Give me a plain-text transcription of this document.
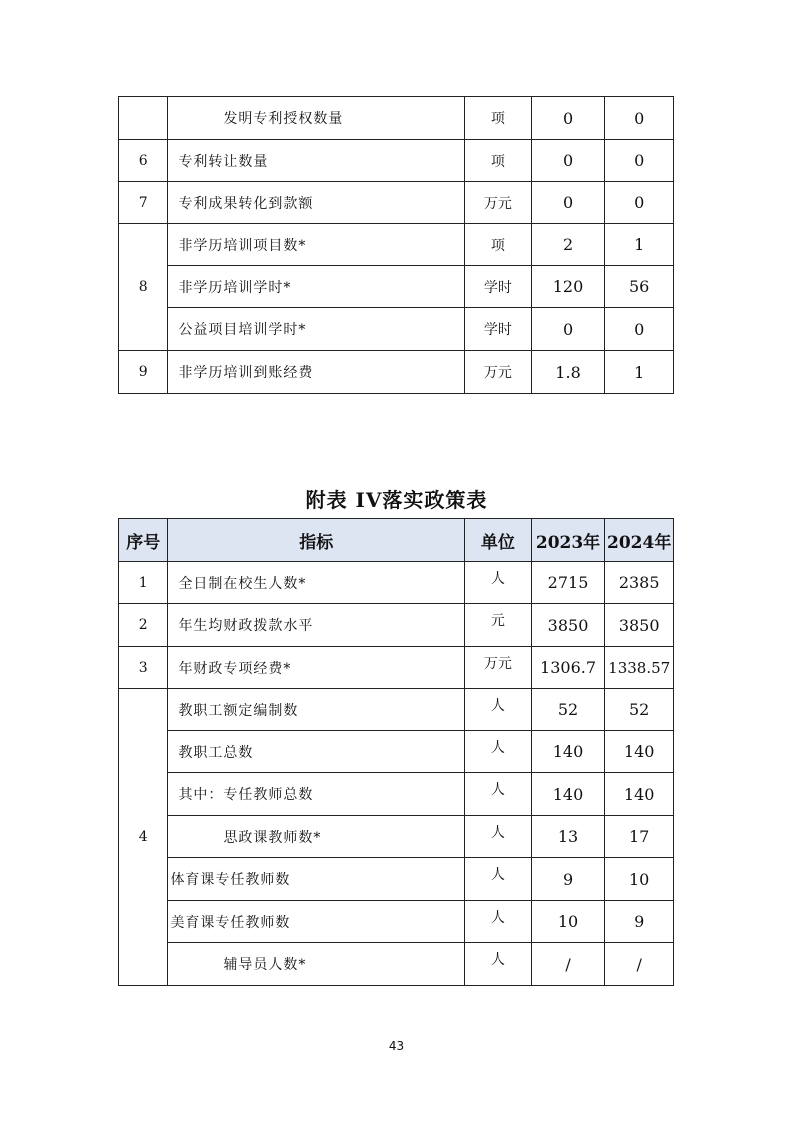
	发明专利授权数量	项	0	0
6	专利转让数量	项	0	0
7	专利成果转化到款额	万元	0	0
8	非学历培训项目数*	项	2	1
	非学历培训学时*	学时	120	56
	公益项目培训学时*	学时	0	0
9	非学历培训到账经费	万元	1.8	1
附表 IV落实政策表
序号	指标	单位	2023年	2024年
1	全日制在校生人数*	人	2715	2385
2	年生均财政拨款水平	元	3850	3850
3	年财政专项经费*	万元	1306.7	1338.57
4	教职工额定编制数	人	52	52
	教职工总数	人	140	140
	其中：专任教师总数	人	140	140
	思政课教师数*	人	13	17
	体育课专任教师数	人	9	10
	美育课专任教师数	人	10	9
	辅导员人数*	人	/	/
43
